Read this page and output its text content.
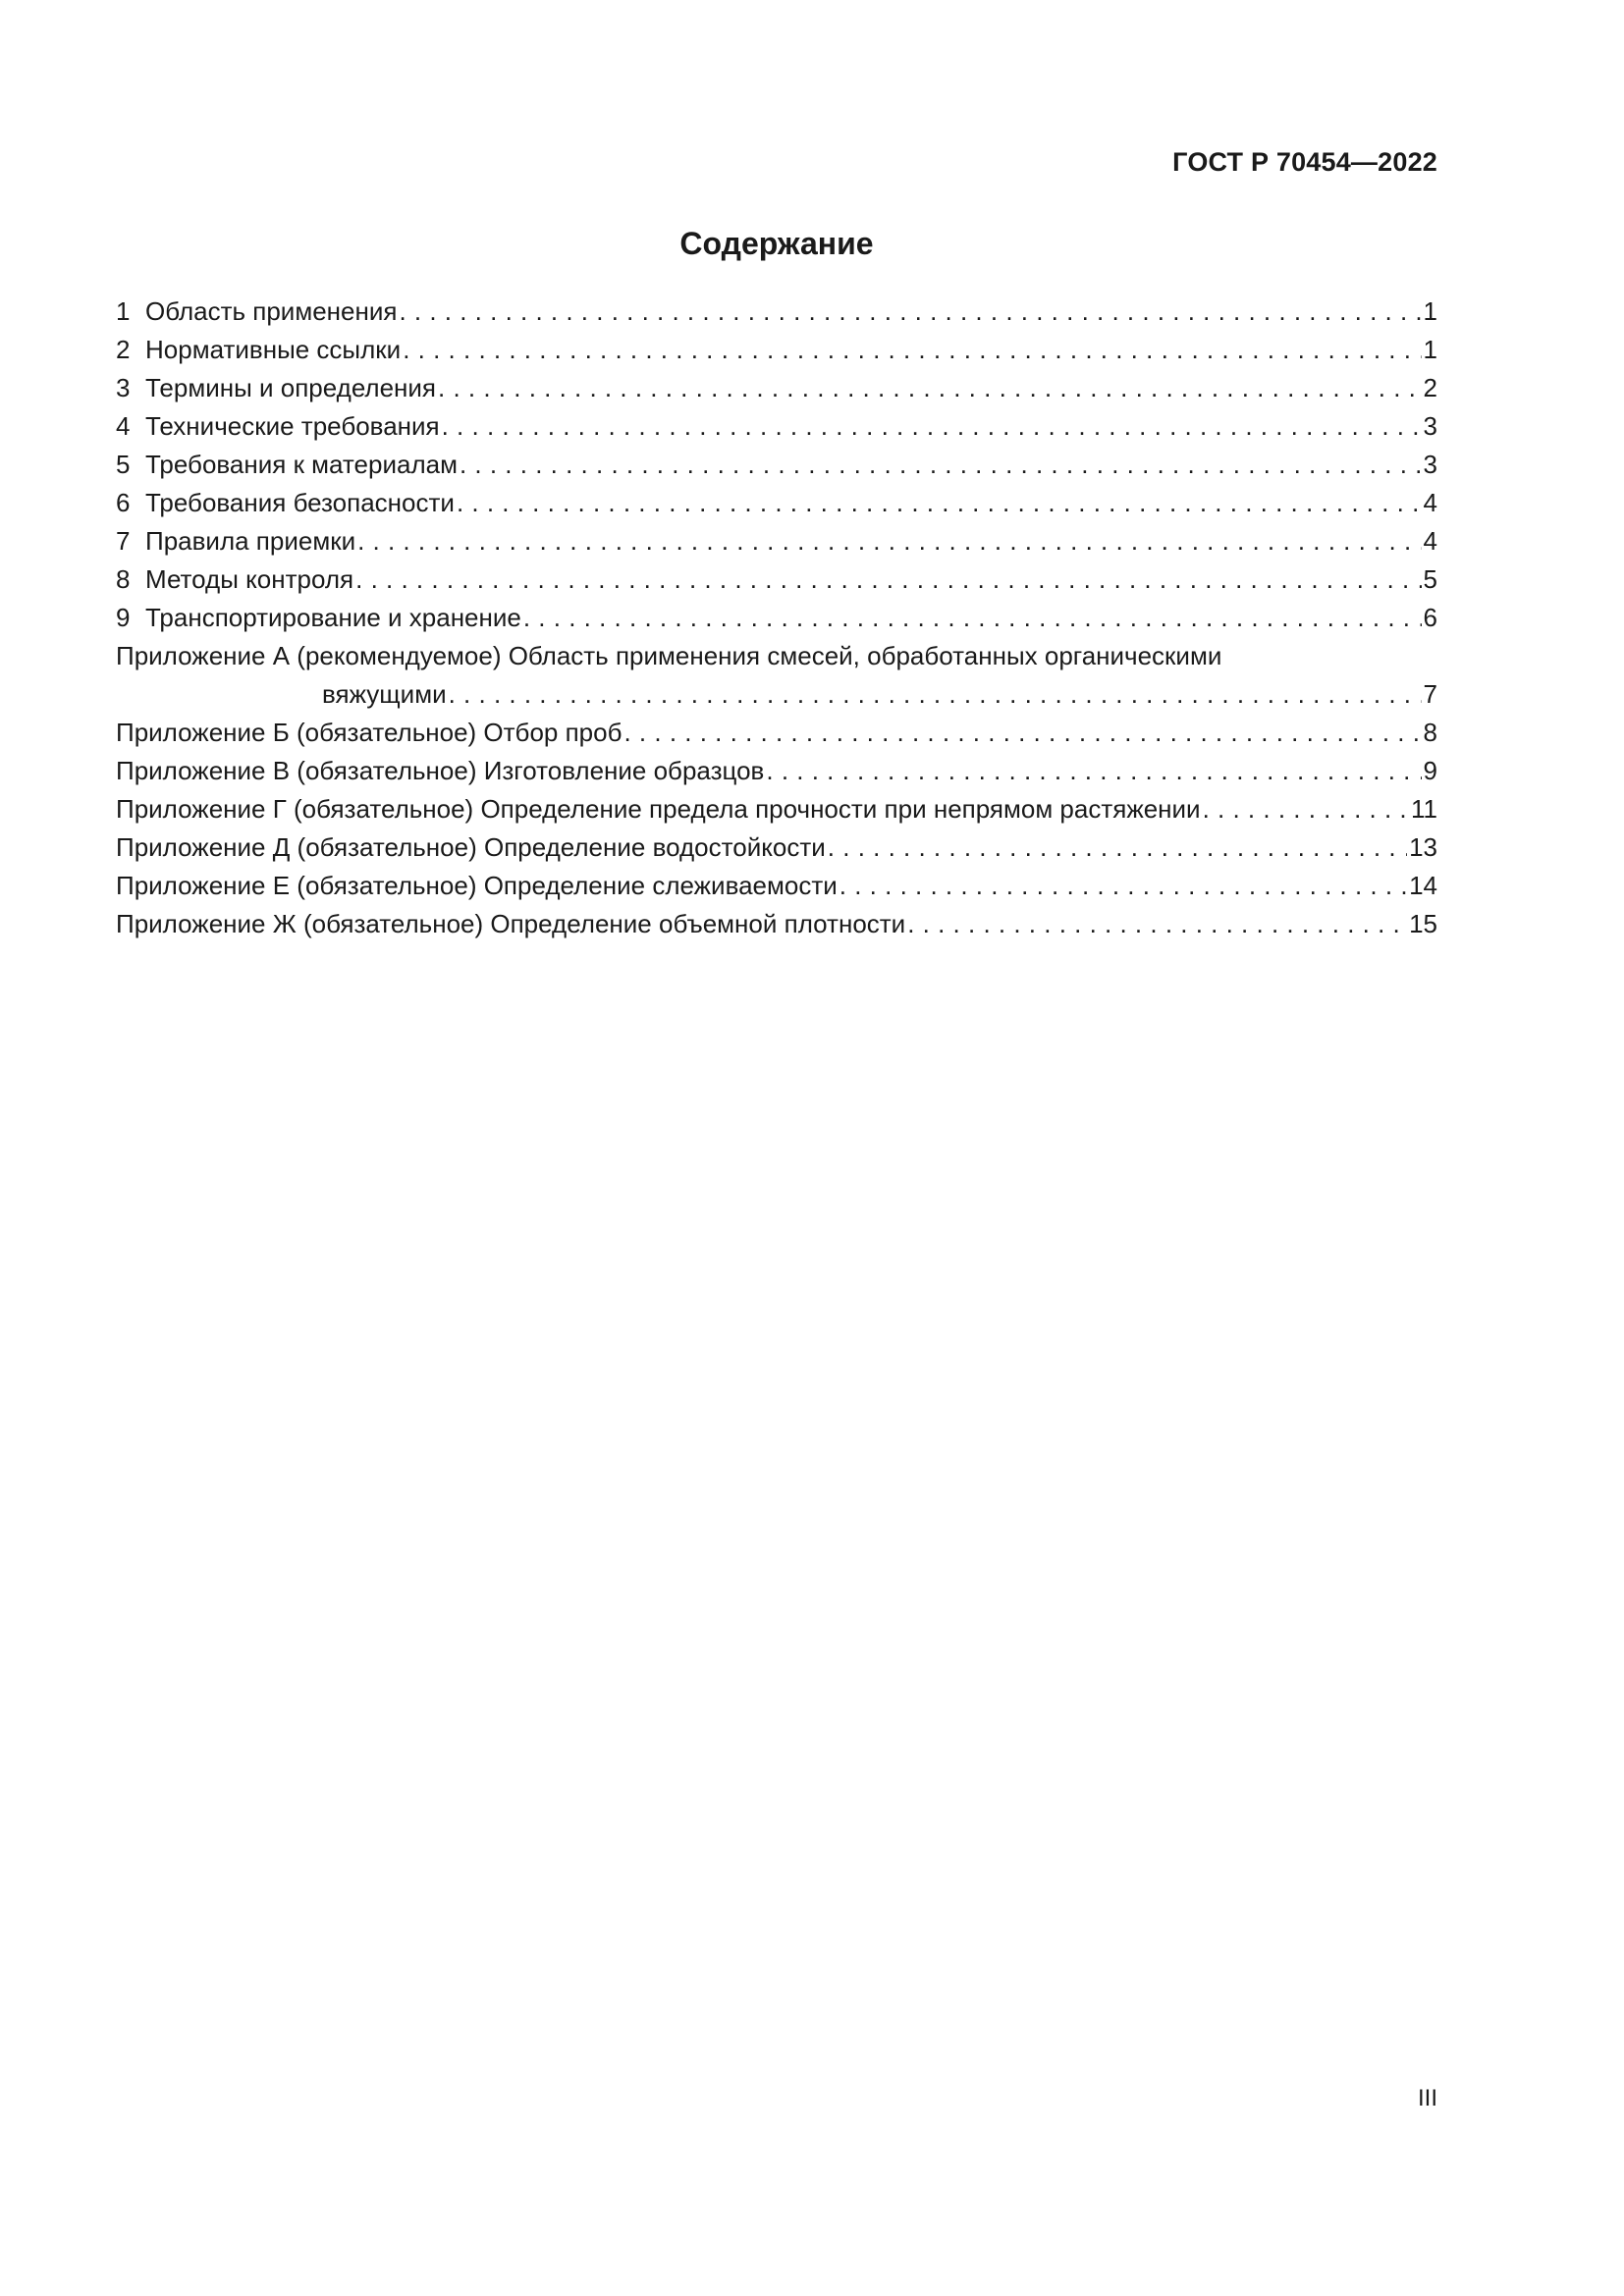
ГОСТ Р 70454—2022
Содержание
1 Область применения . . .	1
2 Нормативные ссылки . . .	1
3 Термины и определения . . .	2
4 Технические требования . . .	3
5 Требования к материалам . . .	3
6 Требования безопасности . . .	4
7 Правила приемки . . .	4
8 Методы контроля . . .	5
9 Транспортирование и хранение . . .	6
Приложение А (рекомендуемое) Область применения смесей, обработанных органическими
вяжущими . . .	7
Приложение Б (обязательное) Отбор проб . . .	8
Приложение В (обязательное) Изготовление образцов . . .	9
Приложение Г (обязательное) Определение предела прочности при непрямом растяжении . . .	11
Приложение Д (обязательное) Определение водостойкости . . .	13
Приложение Е (обязательное) Определение слеживаемости . . .	14
Приложение Ж (обязательное) Определение объемной плотности . . .	15
III
